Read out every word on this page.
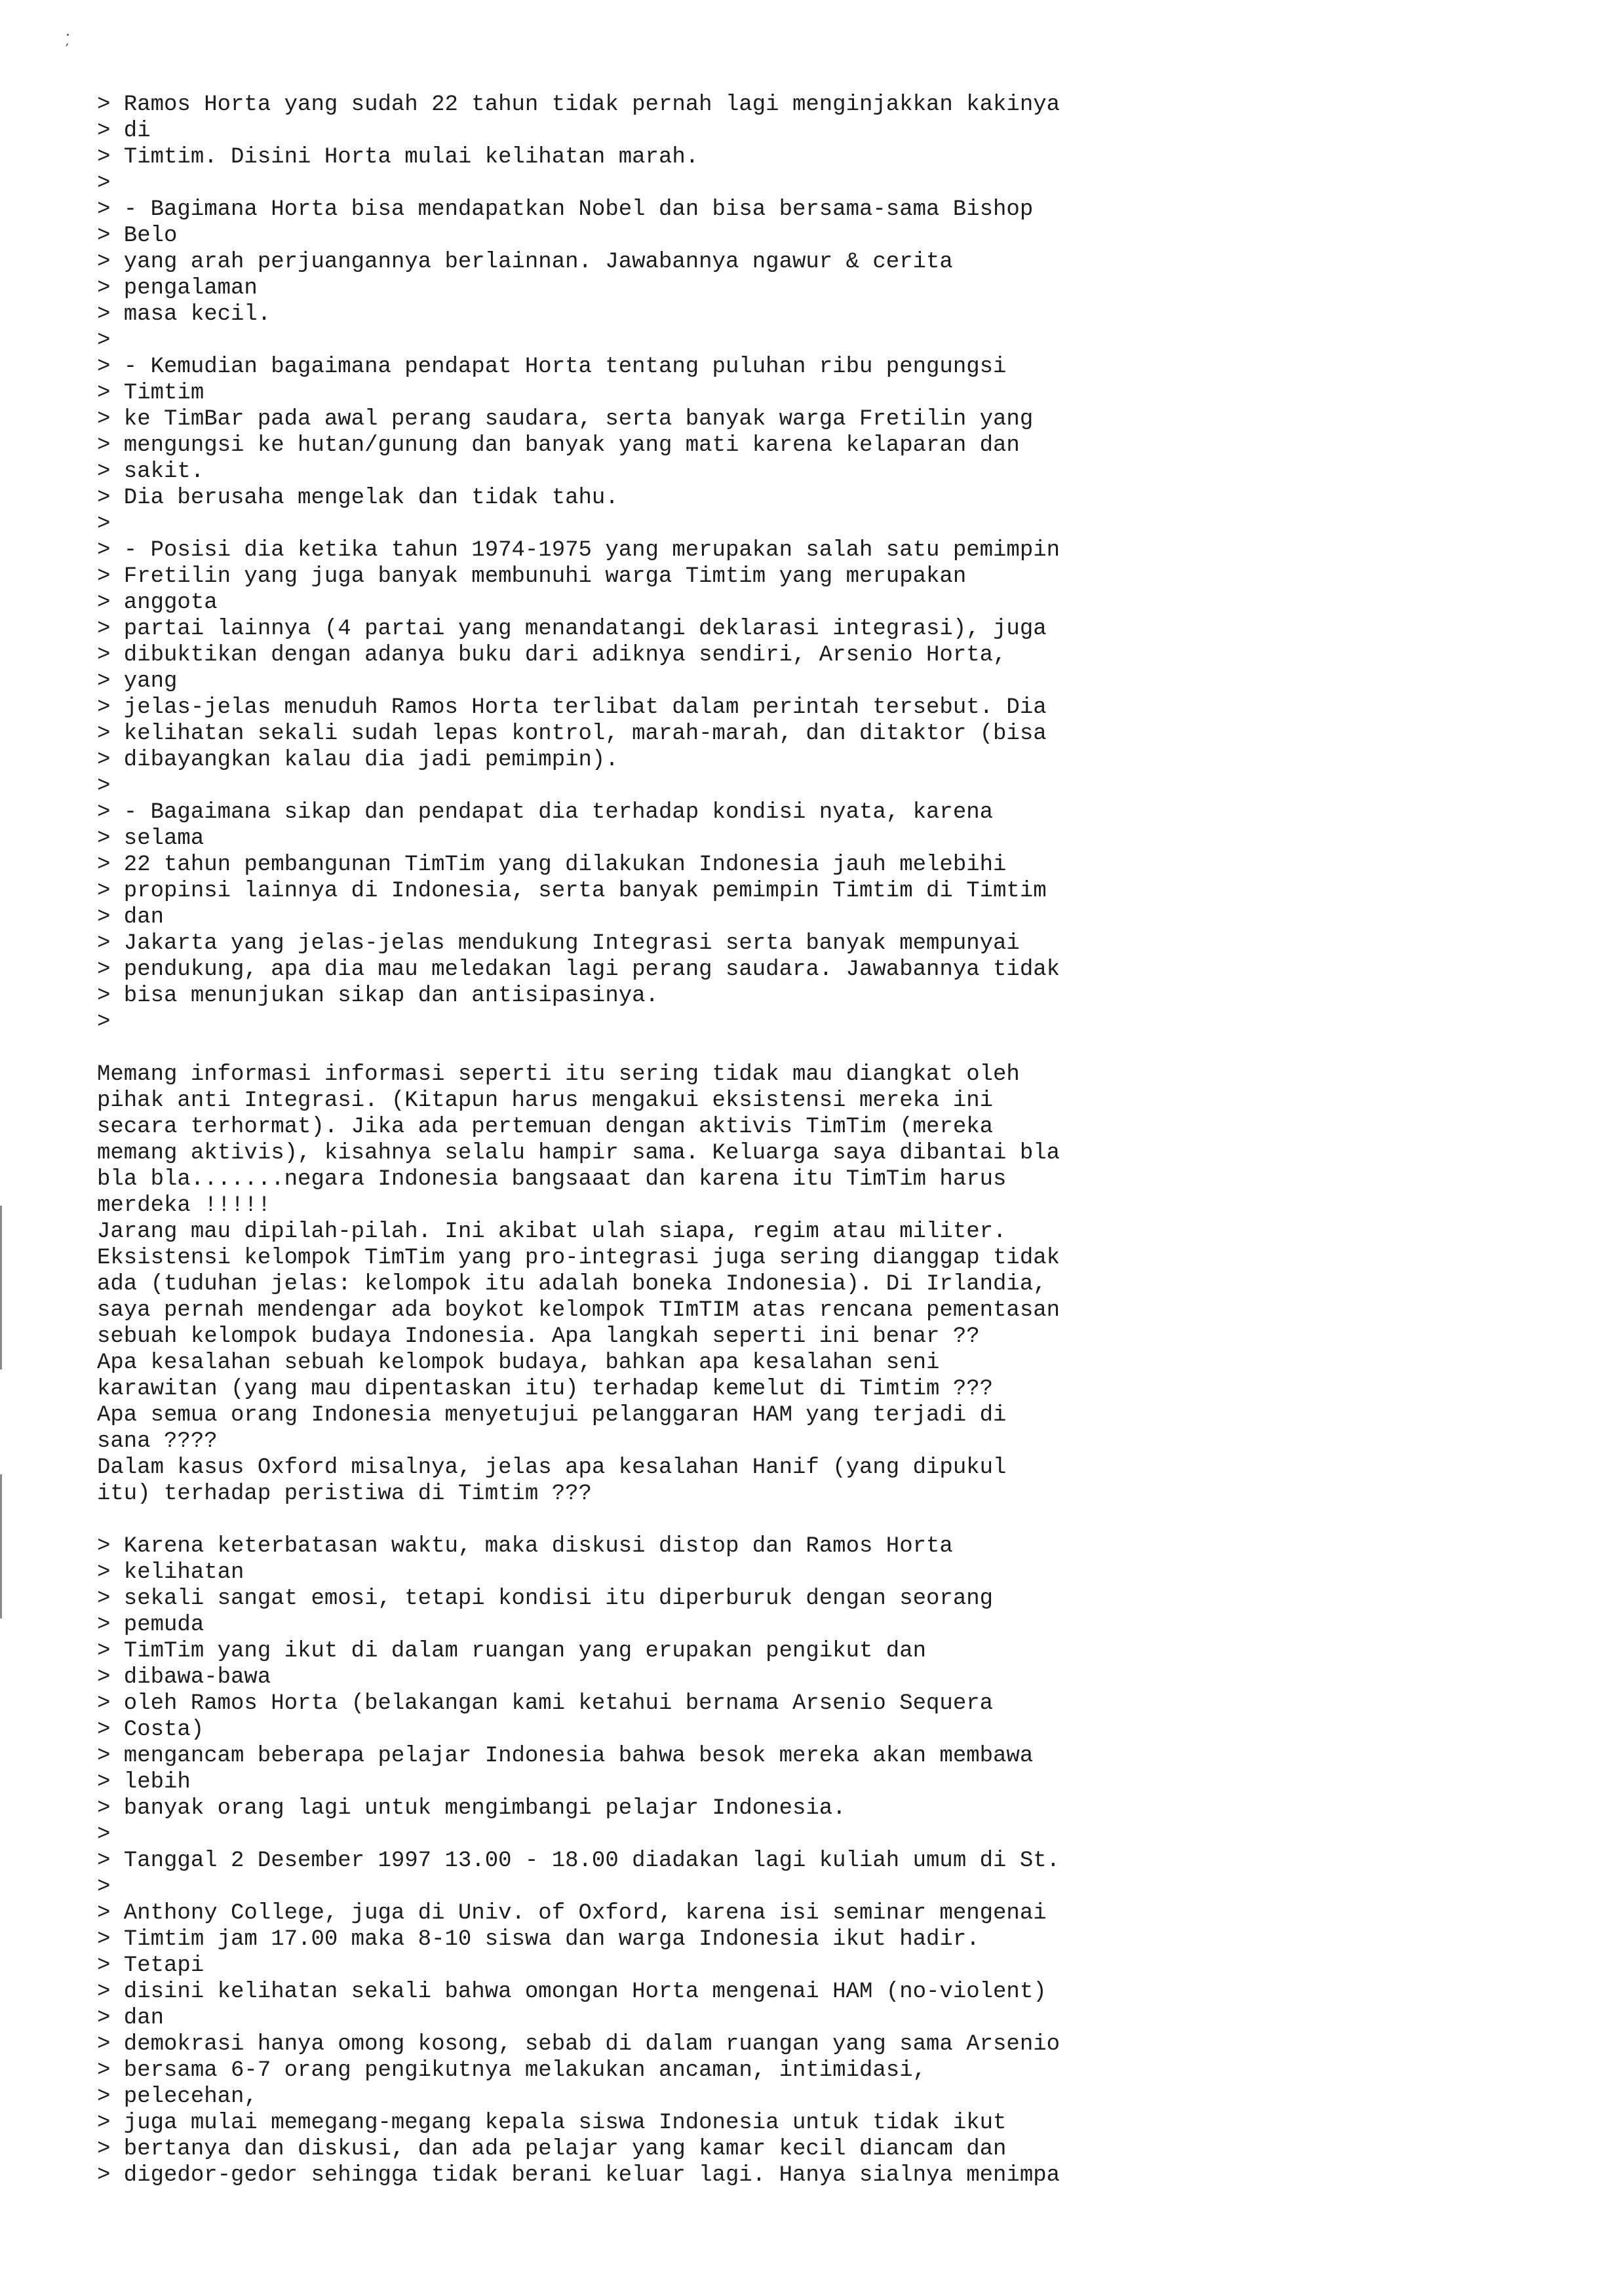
·
′
> Ramos Horta yang sudah 22 tahun tidak pernah lagi menginjakkan kakinya
> di
> Timtim. Disini Horta mulai kelihatan marah.
>
> - Bagimana Horta bisa mendapatkan Nobel dan bisa bersama-sama Bishop
> Belo
> yang arah perjuangannya berlainnan. Jawabannya ngawur & cerita
> pengalaman
> masa kecil.
>
> - Kemudian bagaimana pendapat Horta tentang puluhan ribu pengungsi
> Timtim
> ke TimBar pada awal perang saudara, serta banyak warga Fretilin yang
> mengungsi ke hutan/gunung dan banyak yang mati karena kelaparan dan
> sakit.
> Dia berusaha mengelak dan tidak tahu.
>
> - Posisi dia ketika tahun 1974-1975 yang merupakan salah satu pemimpin
> Fretilin yang juga banyak membunuhi warga Timtim yang merupakan
> anggota
> partai lainnya (4 partai yang menandatangi deklarasi integrasi), juga
> dibuktikan dengan adanya buku dari adiknya sendiri, Arsenio Horta,
> yang
> jelas-jelas menuduh Ramos Horta terlibat dalam perintah tersebut. Dia
> kelihatan sekali sudah lepas kontrol, marah-marah, dan ditaktor (bisa
> dibayangkan kalau dia jadi pemimpin).
>
> - Bagaimana sikap dan pendapat dia terhadap kondisi nyata, karena
> selama
> 22 tahun pembangunan TimTim yang dilakukan Indonesia jauh melebihi
> propinsi lainnya di Indonesia, serta banyak pemimpin Timtim di Timtim
> dan
> Jakarta yang jelas-jelas mendukung Integrasi serta banyak mempunyai
> pendukung, apa dia mau meledakan lagi perang saudara. Jawabannya tidak
> bisa menunjukan sikap dan antisipasinya.
>

Memang informasi informasi seperti itu sering tidak mau diangkat oleh
pihak anti Integrasi. (Kitapun harus mengakui eksistensi mereka ini
secara terhormat). Jika ada pertemuan dengan aktivis TimTim (mereka
memang aktivis), kisahnya selalu hampir sama. Keluarga saya dibantai bla
bla bla.......negara Indonesia bangsaaat dan karena itu TimTim harus
merdeka !!!!!
Jarang mau dipilah-pilah. Ini akibat ulah siapa, regim atau militer.
Eksistensi kelompok TimTim yang pro-integrasi juga sering dianggap tidak
ada (tuduhan jelas: kelompok itu adalah boneka Indonesia). Di Irlandia,
saya pernah mendengar ada boykot kelompok TImTIM atas rencana pementasan
sebuah kelompok budaya Indonesia. Apa langkah seperti ini benar ??
Apa kesalahan sebuah kelompok budaya, bahkan apa kesalahan seni
karawitan (yang mau dipentaskan itu) terhadap kemelut di Timtim ???
Apa semua orang Indonesia menyetujui pelanggaran HAM yang terjadi di
sana ????
Dalam kasus Oxford misalnya, jelas apa kesalahan Hanif (yang dipukul
itu) terhadap peristiwa di Timtim ???

> Karena keterbatasan waktu, maka diskusi distop dan Ramos Horta
> kelihatan
> sekali sangat emosi, tetapi kondisi itu diperburuk dengan seorang
> pemuda
> TimTim yang ikut di dalam ruangan yang erupakan pengikut dan
> dibawa-bawa
> oleh Ramos Horta (belakangan kami ketahui bernama Arsenio Sequera
> Costa)
> mengancam beberapa pelajar Indonesia bahwa besok mereka akan membawa
> lebih
> banyak orang lagi untuk mengimbangi pelajar Indonesia.
>
> Tanggal 2 Desember 1997 13.00 - 18.00 diadakan lagi kuliah umum di St.
>
> Anthony College, juga di Univ. of Oxford, karena isi seminar mengenai
> Timtim jam 17.00 maka 8-10 siswa dan warga Indonesia ikut hadir.
> Tetapi
> disini kelihatan sekali bahwa omongan Horta mengenai HAM (no-violent)
> dan
> demokrasi hanya omong kosong, sebab di dalam ruangan yang sama Arsenio
> bersama 6-7 orang pengikutnya melakukan ancaman, intimidasi,
> pelecehan,
> juga mulai memegang-megang kepala siswa Indonesia untuk tidak ikut
> bertanya dan diskusi, dan ada pelajar yang kamar kecil diancam dan
> digedor-gedor sehingga tidak berani keluar lagi. Hanya sialnya menimpa
